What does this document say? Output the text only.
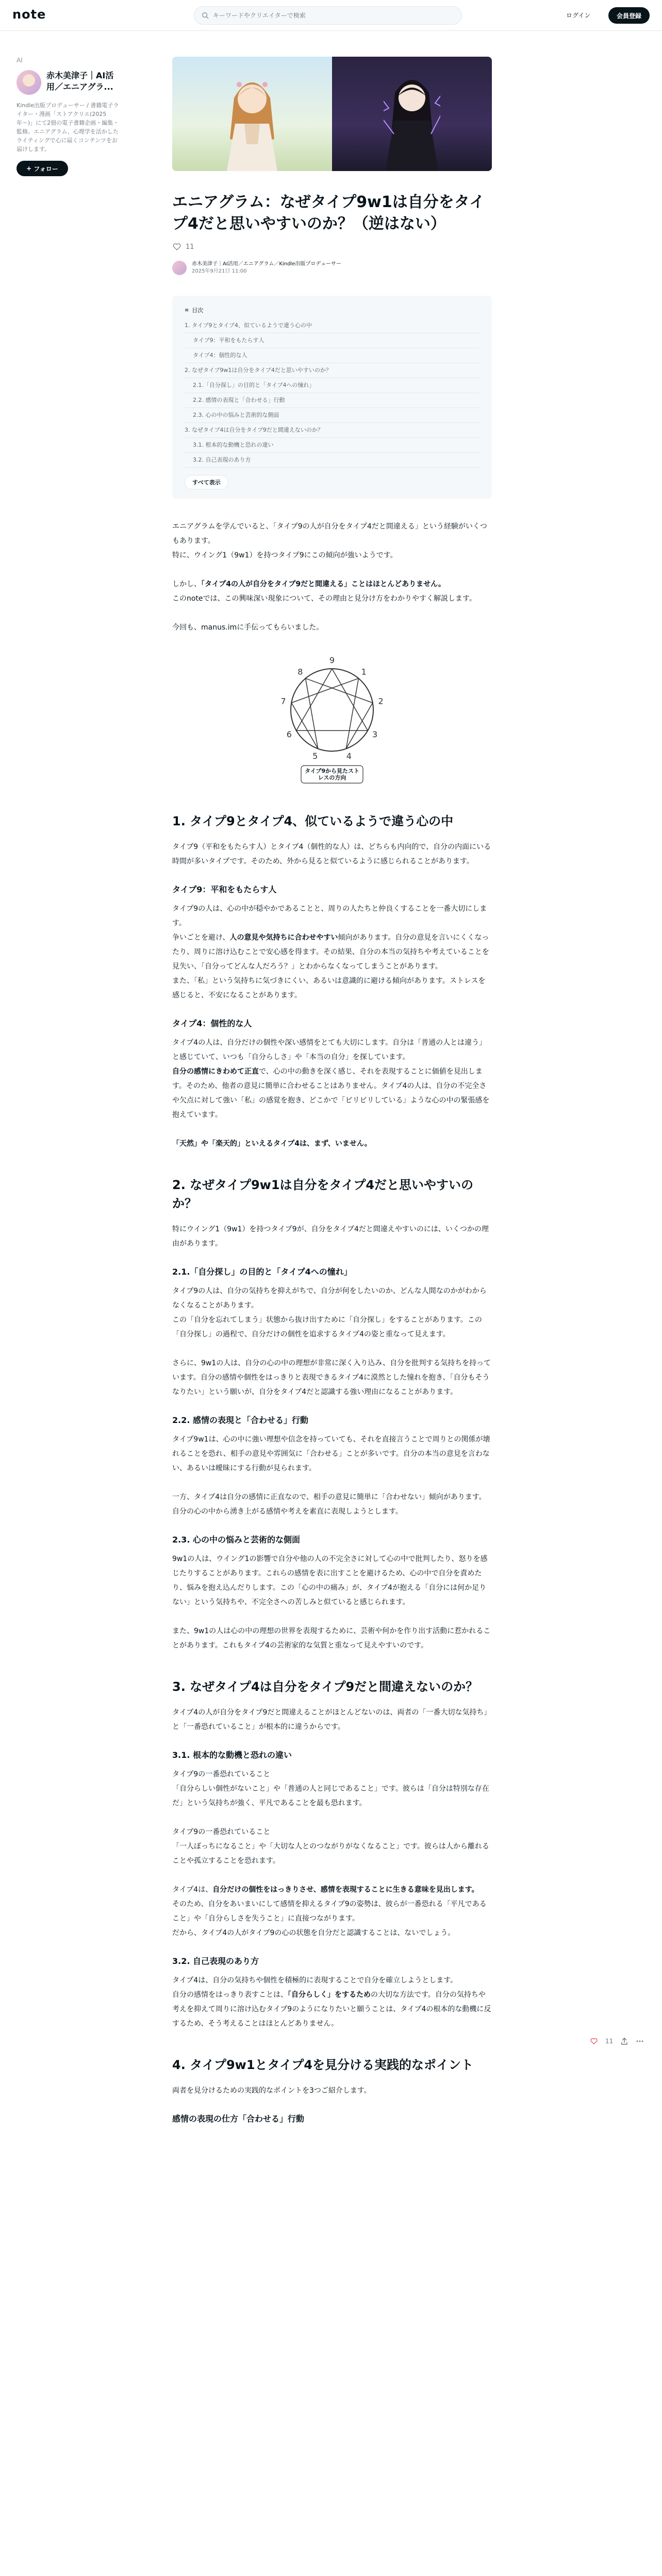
note
キーワードやクリエイターで検索	ログイン	会員登録
AI
赤木美津子｜AI活用／エニアグラ...
Kindle出版プロデューサー / 書籍電子ライター・漫画「ストアクリエ(2025年〜)」にて2冊の電子書籍企画・編集・監修。エニアグラム、心理学を活かしたライティングで心に届くコンテンツをお届けします。
+
フォロー
エニアグラム：なぜタイプ9w1は自分をタイプ4だと思いやすいのか？（逆はない）
11
赤木美津子｜AI活用／エニアグラム／Kindle出版プロデューサー
2025年9月21日 11:00
≡ 目次
1. タイプ9とタイプ4、似ているようで違う心の中
タイプ9：平和をもたらす人
タイプ4：個性的な人
2. なぜタイプ9w1は自分をタイプ4だと思いやすいのか？
2.1.「自分探し」の目的と「タイプ4への憧れ」
2.2. 感情の表現と「合わせる」行動
2.3. 心の中の悩みと芸術的な側面
3. なぜタイプ4は自分をタイプ9だと間違えないのか？
3.1. 根本的な動機と恐れの違い
3.2. 自己表現のあり方
すべて表示

エニアグラムを学んでいると、「タイプ9の人が自分をタイプ4だと間違える」という経験がいくつもあります。
特に、ウイング1（9w1）を持つタイプ9にこの傾向が強いようです。

しかし、「タイプ4の人が自分をタイプ9だと間違える」ことはほとんどありません。
このnoteでは、この興味深い現象について、その理由と見分け方をわかりやすく解説します。

今回も、manus.imに手伝ってもらいました。

9
1
2
3
4
5
6
7
8
タイプ9から見たストレスの方向
1. タイプ9とタイプ4、似ているようで違う心の中

タイプ9（平和をもたらす人）とタイプ4（個性的な人）は、どちらも内向的で、自分の内面にいる時間が多いタイプです。そのため、外から見ると似ているように感じられることがあります。

タイプ9：平和をもたらす人

タイプ9の人は、心の中が穏やかであることと、周りの人たちと仲良くすることを一番大切にします。
争いごとを避け、人の意見や気持ちに合わせやすい傾向があります。自分の意見を言いにくくなったり、周りに溶け込むことで安心感を得ます。その結果、自分の本当の気持ちや考えていることを見失い、「自分ってどんな人だろう？」とわからなくなってしまうことがあります。
また、「私」という気持ちに気づきにくい、あるいは意識的に避ける傾向があります。ストレスを感じると、不安になることがあります。

タイプ4：個性的な人

タイプ4の人は、自分だけの個性や深い感情をとても大切にします。自分は「普通の人とは違う」と感じていて、いつも「自分らしさ」や「本当の自分」を探しています。
自分の感情にきわめて正直で、心の中の動きを深く感じ、それを表現することに価値を見出します。そのため、他者の意見に簡単に合わせることはありません。タイプ4の人は、自分の不完全さや欠点に対して強い「私」の感覚を抱き、どこかで「ピリピリしている」ような心の中の緊張感を抱えています。

「天然」や「楽天的」といえるタイプ4は、まず、いません。

2. なぜタイプ9w1は自分をタイプ4だと思いやすいのか？

特にウイング1（9w1）を持つタイプ9が、自分をタイプ4だと間違えやすいのには、いくつかの理由があります。

2.1.「自分探し」の目的と「タイプ4への憧れ」

タイプ9の人は、自分の気持ちを抑えがちで、自分が何をしたいのか、どんな人間なのかがわからなくなることがあります。
この「自分を忘れてしまう」状態から抜け出すために「自分探し」をすることがあります。この「自分探し」の過程で、自分だけの個性を追求するタイプ4の姿と重なって見えます。

さらに、9w1の人は、自分の心の中の理想が非常に深く入り込み、自分を批判する気持ちを持っています。自分の感情や個性をはっきりと表現できるタイプ4に漠然とした憧れを抱き、「自分もそうなりたい」という願いが、自分をタイプ4だと認識する強い理由になることがあります。

2.2. 感情の表現と「合わせる」行動

タイプ9w1は、心の中に強い理想や信念を持っていても、それを直接言うことで周りとの関係が壊れることを恐れ、相手の意見や雰囲気に「合わせる」ことが多いです。自分の本当の意見を言わない、あるいは曖昧にする行動が見られます。

一方、タイプ4は自分の感情に正直なので、相手の意見に簡単に「合わせない」傾向があります。自分の心の中から湧き上がる感情や考えを素直に表現しようとします。

2.3. 心の中の悩みと芸術的な側面

9w1の人は、ウイング1の影響で自分や他の人の不完全さに対して心の中で批判したり、怒りを感じたりすることがあります。これらの感情を表に出すことを避けるため、心の中で自分を責めたり、悩みを抱え込んだりします。この「心の中の痛み」が、タイプ4が抱える「自分には何か足りない」という気持ちや、不完全さへの苦しみと似ていると感じられます。

また、9w1の人は心の中の理想の世界を表現するために、芸術や何かを作り出す活動に惹かれることがあります。これもタイプ4の芸術家的な気質と重なって見えやすいのです。

3. なぜタイプ4は自分をタイプ9だと間違えないのか？

タイプ4の人が自分をタイプ9だと間違えることがほとんどないのは、両者の「一番大切な気持ち」と「一番恐れていること」が根本的に違うからです。

3.1. 根本的な動機と恐れの違い

タイプ9の一番恐れていること
「自分らしい個性がないこと」や「普通の人と同じであること」です。彼らは「自分は特別な存在だ」という気持ちが強く、平凡であることを最も恐れます。

タイプ9の一番恐れていること
「一人ぼっちになること」や「大切な人とのつながりがなくなること」です。彼らは人から離れることや孤立することを恐れます。

タイプ4は、自分だけの個性をはっきりさせ、感情を表現することに生きる意味を見出します。
そのため、自分をあいまいにして感情を抑えるタイプ9の姿勢は、彼らが一番恐れる「平凡であること」や「自分らしさを失うこと」に直接つながります。
だから、タイプ4の人がタイプ9の心の状態を自分だと認識することは、ないでしょう。

3.2. 自己表現のあり方

タイプ4は、自分の気持ちや個性を積極的に表現することで自分を確立しようとします。
自分の感情をはっきり表すことは、「自分らしく」をするための大切な方法です。自分の気持ちや考えを抑えて周りに溶け込むタイプ9のようになりたいと願うことは、タイプ4の根本的な動機に反するため、そう考えることはほとんどありません。

4. タイプ9w1とタイプ4を見分ける実践的なポイント

両者を見分けるための実践的なポイントを3つご紹介します。

感情の表現の仕方「合わせる」行動
11
